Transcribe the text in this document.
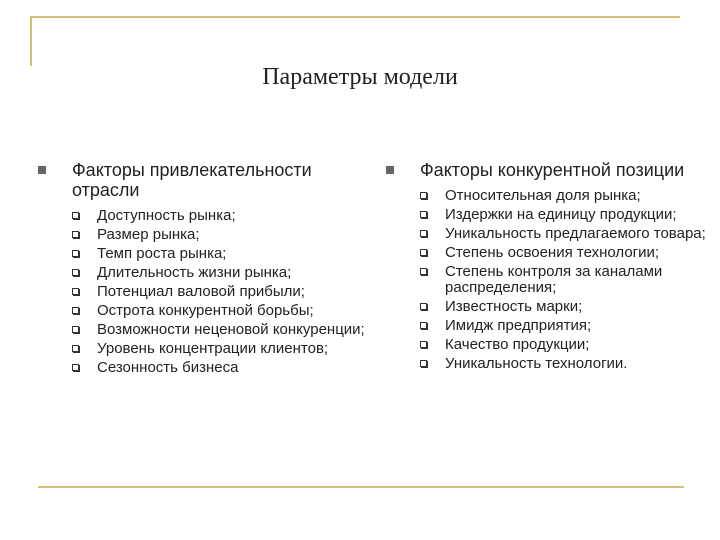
Параметры модели
Факторы привлекательности отрасли
Доступность рынка;
Размер рынка;
Темп роста рынка;
Длительность жизни рынка;
Потенциал валовой прибыли;
Острота конкурентной борьбы;
Возможности неценовой конкуренции;
Уровень концентрации клиентов;
Сезонность бизнеса
Факторы конкурентной позиции
Относительная доля рынка;
Издержки на единицу продукции;
Уникальность предлагаемого товара;
Степень освоения технологии;
Степень контроля за каналами распределения;
Известность марки;
Имидж предприятия;
Качество продукции;
Уникальность технологии.
